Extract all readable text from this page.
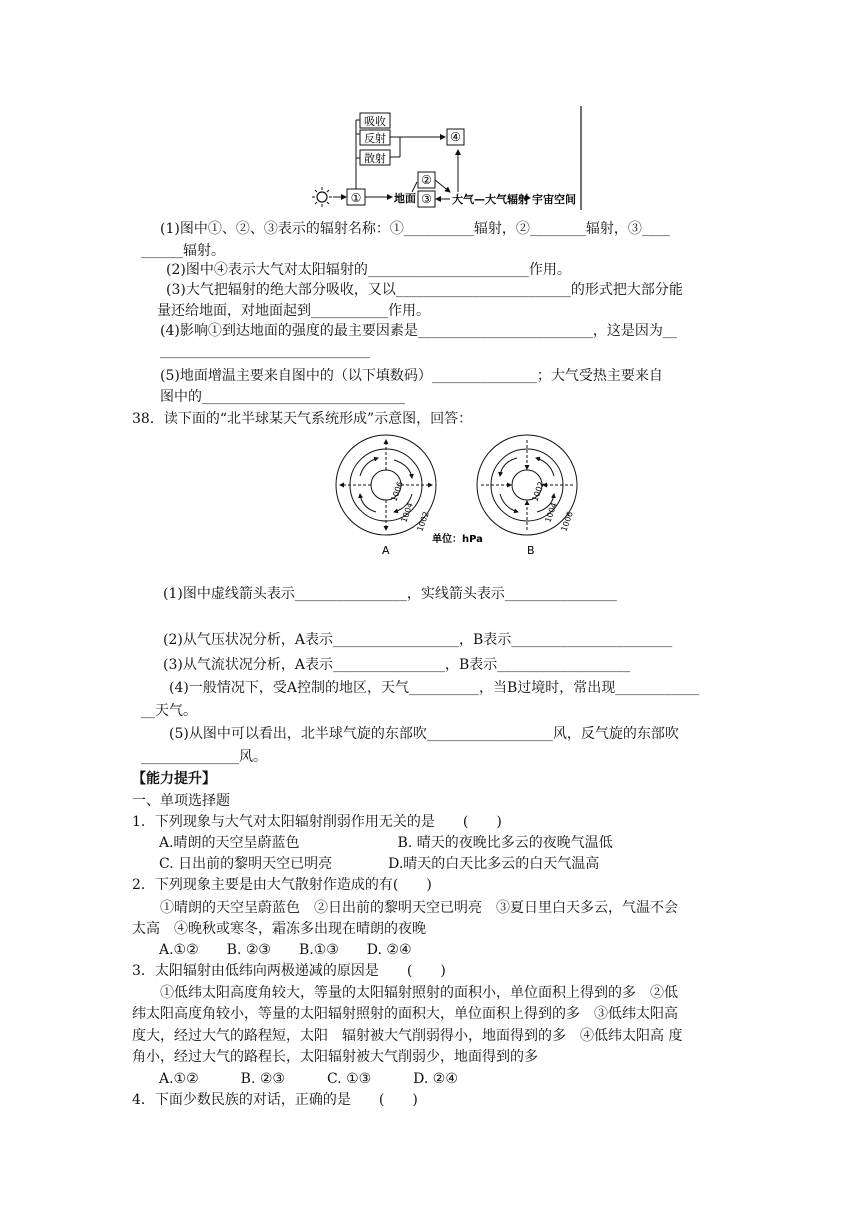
①	地面
吸收
反射
散射
④
②
③ 大气—大气辐射 宇宙空间
(1)图中①、②、③表示的辐射名称：①__________辐射，②________辐射，③____
______辐射。
(2)图中④表示大气对太阳辐射的_______________________作用。
(3)大气把辐射的绝大部分吸收，又以_________________________的形式把大部分能
量还给地面，对地面起到___________作用。
(4)影响①到达地面的强度的最主要因素是_________________________，这是因为__
______________________________
(5)地面增温主要来自图中的（以下填数码）_______________；大气受热主要来自
图中的_____________________________
38．读下面的“北半球某天气系统形成”示意图，回答：
1006
1004 1002
A
单位：hPa
1002
1004 1006
B
(1)图中虚线箭头表示________________，实线箭头表示________________
(2)从气压状况分析，A表示__________________，B表示_______________________
(3)从气流状况分析，A表示________________，B表示___________________
(4)一般情况下，受A控制的地区，天气__________，当B过境时，常出现____________
__天气。
(5)从图中可以看出，北半球气旋的东部吹__________________风，反气旋的东部吹
______________风。
【能力提升】
一、单项选择题
1．下列现象与大气对太阳辐射削弱作用无关的是　　(　　)
A.晴朗的天空呈蔚蓝色　　　　　　　B. 晴天的夜晚比多云的夜晚气温低
C. 日出前的黎明天空已明亮　　　　D.晴天的白天比多云的白天气温高
2．下列现象主要是由大气散射作造成的有(　　)
①晴朗的天空呈蔚蓝色　②日出前的黎明天空已明亮　③夏日里白天多云，气温不会
太高　④晚秋或寒冬，霜冻多出现在晴朗的夜晚
A.①②　　B. ②③　　B.①③　　D. ②④
3．太阳辐射由低纬向两极递减的原因是　　(　　)
①低纬太阳高度角较大，等量的太阳辐射照射的面积小，单位面积上得到的多　②低
纬太阳高度角较小，等量的太阳辐射照射的面积大，单位面积上得到的多　③低纬太阳高
度大，经过大气的路程短，太阳　辐射被大气削弱得小，地面得到的多　④低纬太阳高 度
角小，经过大气的路程长，太阳辐射被大气削弱少，地面得到的多
A.①②　　　B. ②③　　　C. ①③　　　D. ②④
4．下面少数民族的对话，正确的是　　(　　)
